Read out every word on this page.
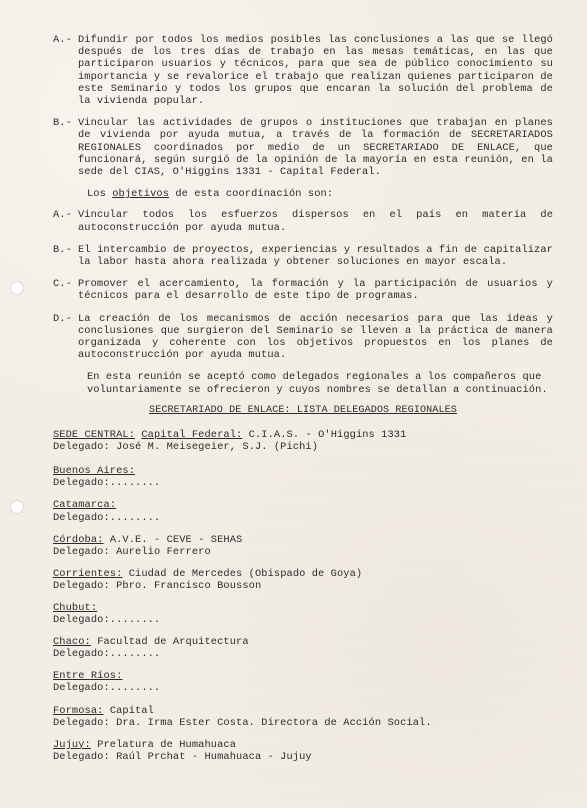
A.- Difundir por todos los medios posibles las conclusiones a las que se llegó después de los tres días de trabajo en las mesas temáticas, en las que participaron usuarios y técnicos, para que sea de público conocimiento su importancia y se revalorice el trabajo que realizan quienes participaron de este Seminario y todos los grupos que encaran la solución del problema de la vivienda popular.
B.- Vincular las actividades de grupos o instituciones que trabajan en planes de vivienda por ayuda mutua, a través de la formación de SECRETARIADOS REGIONALES coordinados por medio de un SECRETARIADO DE ENLACE, que funcionará, según surgió de la opinión de la mayoría en esta reunión, en la sede del CIAS, O'Higgins 1331 - Capital Federal.
Los objetivos de esta coordinación son:
A.- Vincular todos los esfuerzos dispersos en el país en materia de autoconstrucción por ayuda mutua.
B.- El intercambio de proyectos, experiencias y resultados a fin de capitalizar la labor hasta ahora realizada y obtener soluciones en mayor escala.
C.- Promover el acercamiento, la formación y la participación de usuarios y técnicos para el desarrollo de este tipo de programas.
D.- La creación de los mecanismos de acción necesarios para que las ideas y conclusiones que surgieron del Seminario se lleven a la práctica de manera organizada y coherente con los objetivos propuestos en los planes de autoconstrucción por ayuda mutua.
En esta reunión se aceptó como delegados regionales a los compañeros que voluntariamente se ofrecieron y cuyos nombres se detallan a continuación.
SECRETARIADO DE ENLACE: LISTA DELEGADOS REGIONALES
SEDE CENTRAL: Capital Federal: C.I.A.S. - O'Higgins 1331
Delegado: José M. Meisegeier, S.J. (Pichi)
Buenos Aires:
Delegado:........
Catamarca:
Delegado:........
Córdoba: A.V.E. - CEVE - SEHAS
Delegado: Aurelio Ferrero
Corrientes: Ciudad de Mercedes (Obispado de Goya)
Delegado: Pbro. Francisco Bousson
Chubut:
Delegado:........
Chaco: Facultad de Arquitectura
Delegado:........
Entre Ríos:
Delegado:........
Formosa: Capital
Delegado: Dra. Irma Ester Costa. Directora de Acción Social.
Jujuy: Prelatura de Humahuaca
Delegado: Raúl Prchat - Humahuaca - Jujuy
